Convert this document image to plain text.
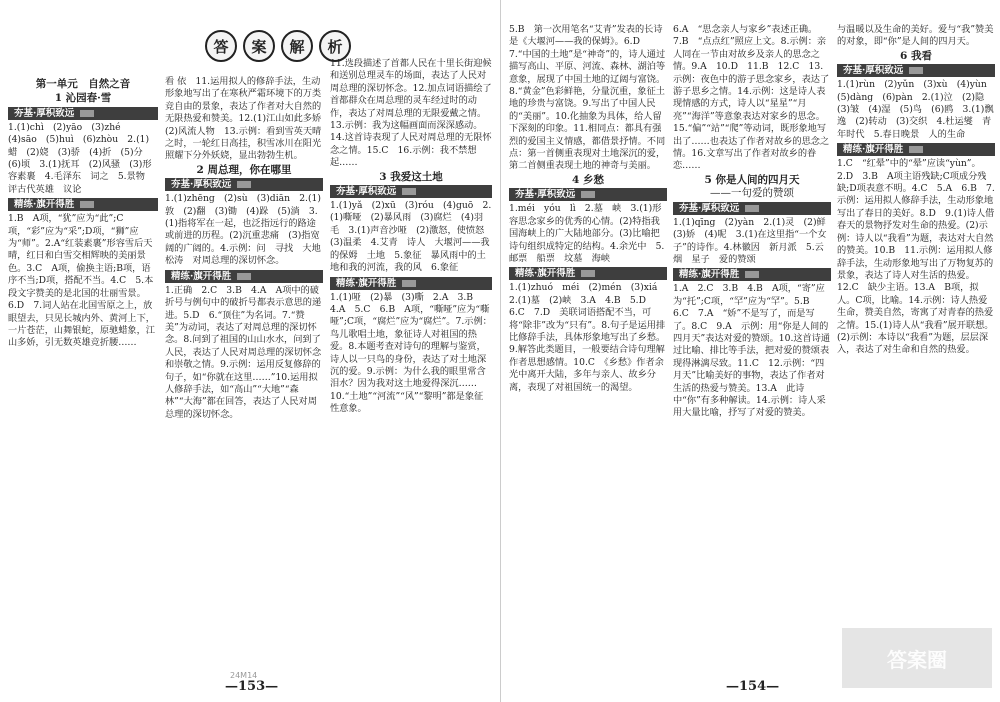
答	案	解	析
第一单元　自然之音
1 沁园春·雪
夯基·厚积致远

1.(1)chì　(2)yāo　(3)zhé　(4)sāo　(5)huì　(6)zhòu　2.(1)蜡　(2)娆　(3)骄　(4)折　(5)分　(6)顷　3.(1)抚耳　(2)风骚　(3)形容素裹　4.毛泽东　词之　5.景物　评古代英雄　议论

精练·旗开得胜

1.B　A项，“犹”应为“此”;C项，“彩”应为“采”;D项，“狮”应为“师”。2.A“红装素裹”形容雪后天晴，红日和白雪交相辉映的美丽景色。3.C　A项，偷换主语;B项，语序不当;D项，搭配不当。4.C　5.本段文字赞美的是北国的壮丽雪景。6.D　7.词人站在北国雪原之上，放眼望去，只见长城内外、黄河上下，一片苍茫，山舞银蛇，原驰蜡象，江山多娇，引无数英雄竞折腰……

看 依　11.运用拟人的修辞手法，生动形象地写出了在寒秋严霜环境下的万类竞自由的景象，表达了作者对大自然的无限热爱和赞美。12.(1)江山如此多娇　(2)风流人物　13.示例：看到雪英天晴之时，一轮红日高挂，积雪冰川在阳光照耀下分外妖娆，显出勃勃生机。

2 周总理，你在哪里
夯基·厚积致远

1.(1)zhēng　(2)sù　(3)diān　2.(1)敦　(2)翻　(3)锄　(4)跺　(5)淌　3.(1)指将军在一起，也泛指远行的路途或前进的历程。(2)沉重悲痛　(3)指宽阔的广阔的。4.示例：问　寻找　大地　松涛　对周总理的深切怀念。

精练·旗开得胜

1.正确　2.C　3.B　4.A　A项中的破折号与例句中的破折号都表示意思的递进。5.D　6.“顶住”为名词。7.“赞美”为动词，表达了对周总理的深切怀念。8.问到了祖国的山山水水，问到了人民，表达了人民对周总理的深切怀念和崇敬之情。9.示例：运用反复修辞的句子，如“你就在这里……”10.运用拟人修辞手法，如“高山”“大地”“森林”“大海”都在回答，表达了人民对周总理的深切怀念。

11.选段描述了首都人民在十里长街迎候和送别总理灵车的场面，表达了人民对周总理的深切怀念。12.加点词语描绘了首都群众在周总理的灵车经过时的动作，表达了对周总理的无限爱戴之情。13.示例：我为这幅画面而深深感动。14.这首诗表现了人民对周总理的无限怀念之情。15.C　16.示例：我不禁想起……

3 我爱这土地
夯基·厚积致远

1.(1)yǎ　(2)xū　(3)róu　(4)guō　2.(1)嘶哑　(2)暴风雨　(3)腐烂　(4)羽毛　3.(1)声音沙哑　(2)激怒，使愤怒　(3)温柔　4.艾青　诗人　大堰河——我的保姆　土地　5.象征　暴风雨中的土地和我的河流，我的风　6.象征

精练·旗开得胜

1.(1)哑　(2)暴　(3)嘶　2.A　3.B　4.A　5.C　6.B　A项，“嘶哑”应为“嘶哑”;C项，“腐烂”应为“腐烂”。7.示例：鸟儿歌唱土地，象征诗人对祖国的热爱。8.本题考查对诗句的理解与鉴赏，诗人以一只鸟的身份，表达了对土地深沉的爱。9.示例：为什么我的眼里常含泪水？因为我对这土地爱得深沉……10.“土地”“河流”“风”“黎明”都是象征性意象。

24M14
—153—

5.B　第一次用笔名“艾青”发表的长诗是《大堰河——我的保姆》。6.D　7.“中国的土地”是“神奇”的，诗人通过描写高山、平原、河流、森林、湖泊等意象，展现了中国土地的辽阔与富饶。8.“黄金”色彩鲜艳，分量沉重，象征土地的珍贵与富饶。9.写出了中国人民的“美丽”。10.化抽象为具体，给人留下深刻的印象。11.相同点：都具有强烈的爱国主义情感，都借景抒情。不同点：第一首侧重表现对土地深沉的爱，第二首侧重表现土地的神奇与美丽。

4 乡愁
夯基·厚积致远

1.méi　yóu　lì　2.墓　峡　3.(1)形容思念家乡的优秀的心情。(2)特指我国海峡上的广大陆地部分。(3)比喻把诗句组织成特定的结构。4.余光中　5.邮票　船票　坟墓　海峡

精练·旗开得胜

1.(1)zhuó　méi　(2)mén　(3)xiá　2.(1)墓　(2)峡　3.A　4.B　5.D　6.C　7.D　美联词语搭配不当，可将“除非”改为“只有”。8.句子是运用排比修辞手法，具体形象地写出了乡愁。9.解答此类题目，一般要结合诗句理解作者思想感情。10.C　《乡愁》作者余光中离开大陆，多年与亲人、故乡分离，表现了对祖国统一的渴望。

6.A　“思念亲人与家乡”表述正确。7.B　“点点红”照应上文。8.示例：亲人同在一节由对故乡及亲人的思念之情。9.A　10.D　11.B　12.C　13.示例：夜色中的游子思念家乡，表达了游子思乡之情。14.示例：这是诗人表现情感的方式，诗人以“星星”“月亮”“海洋”等意象表达对家乡的思念。15.“偏”“站”“爬”等动词，既形象地写出了……也表达了作者对故乡的思念之情。16.文章写出了作者对故乡的眷恋……

5 你是人间的四月天
——一句爱的赞颂
夯基·厚积致远

1.(1)qīng　(2)yàn　2.(1)灵　(2)鲜　(3)娇　(4)呢　3.(1)在这里指“一个女子”的诗作。4.林徽因　新月派　5.云烟　星子　爱的赞颂

精练·旗开得胜

1.A　2.C　3.B　4.B　A项，“寄”应为“托”;C项，“罕”应为“罕”。5.B　6.C　7.A　“娇”不是写了，而是写了。8.C　9.A　示例：用“你是人间的四月天”表达对爱的赞颂。10.这首诗通过比喻、排比等手法，把对爱的赞颂表现得淋漓尽致。11.C　12.示例：“四月天”比喻美好的事物，表达了作者对生活的热爱与赞美。13.A　此诗中“你”有多种解读。14.示例：诗人采用大量比喻，抒写了对爱的赞美。

与温暖以及生命的美好。爱与“我”赞美的对象，即“你”是人间的四月天。

6 我看
夯基·厚积致远

1.(1)rùn　(2)yǔn　(3)xù　(4)yùn　(5)dàng　(6)pàn　2.(1)泣　(2)隐　(3)皱　(4)湿　(5)鸟　(6)鸥　3.(1)飘逸　(2)转动　(3)交织　4.杜运燮　青年时代　5.春日晚景　人的生命

精练·旗开得胜

1.C　“红晕”中的“晕”应读“yùn”。2.D　3.B　A项主语残缺;C项成分残缺;D项表意不明。4.C　5.A　6.B　7.示例：运用拟人修辞手法，生动形象地写出了春日的美好。8.D　9.(1)诗人借春天的景物抒发对生命的热爱。(2)示例：诗人以“我看”为题，表达对大自然的赞美。10.B　11.示例：运用拟人修辞手法，生动形象地写出了万物复苏的景象，表达了诗人对生活的热爱。12.C　缺少主语。13.A　B项，拟人。C项，比喻。14.示例：诗人热爱生命，赞美自然，寄寓了对青春的热爱之情。15.(1)诗人从“我看”展开联想。(2)示例：本诗以“我看”为题，层层深入，表达了对生命和自然的热爱。

答案圈
—154—
